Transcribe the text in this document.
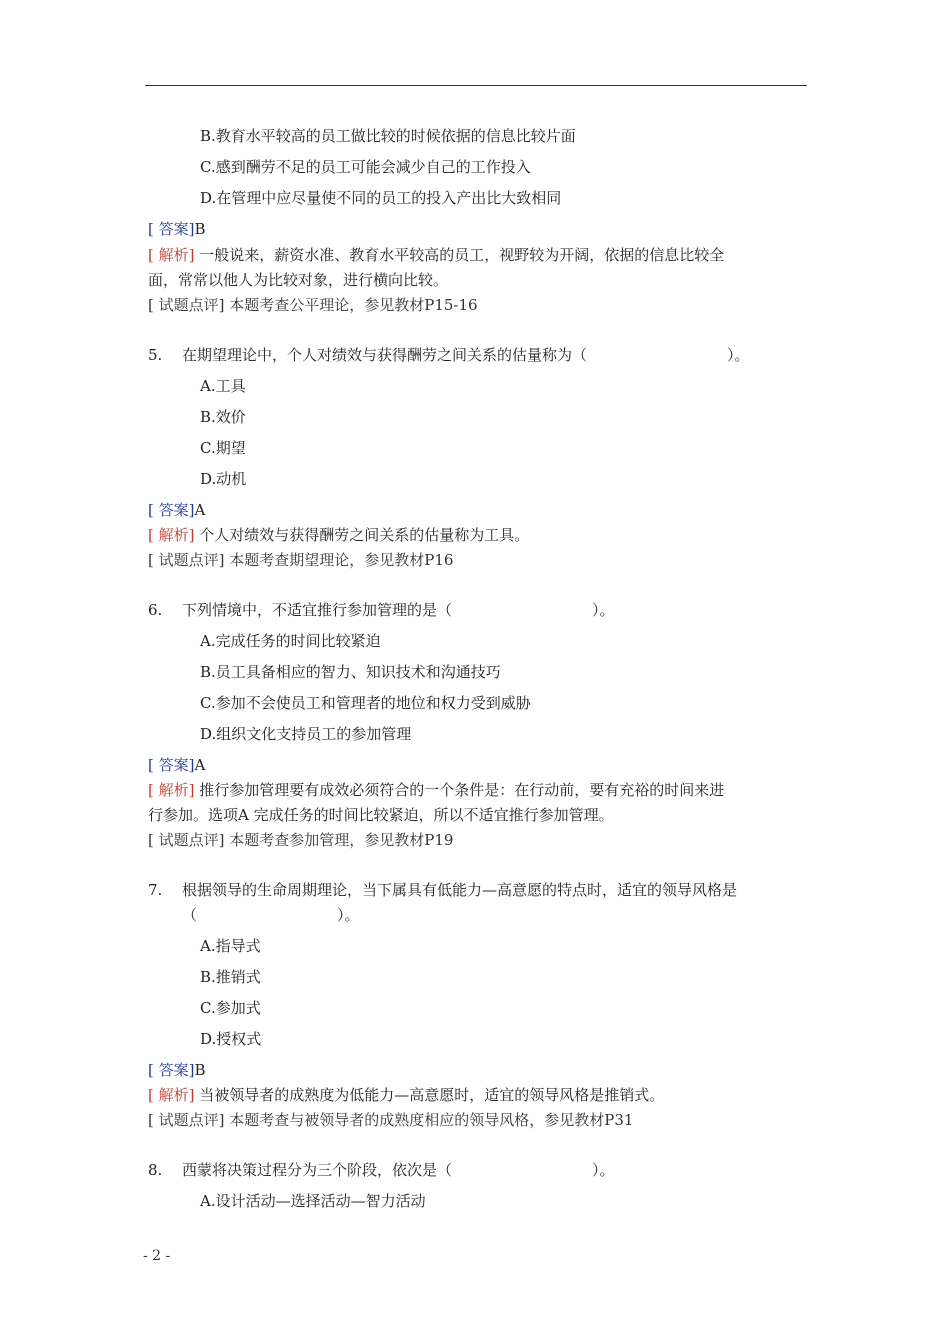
B.教育水平较高的员工做比较的时候依据的信息比较片面
C.感到酬劳不足的员工可能会减少自己的工作投入
D.在管理中应尽量使不同的员工的投入产出比大致相同
[ 答案]B
[ 解析] 一般说来，薪资水准、教育水平较高的员工，视野较为开阔，依据的信息比较全
面，常常以他人为比较对象，进行横向比较。
[ 试题点评] 本题考查公平理论，参见教材P15-16
5. 在期望理论中，个人对绩效与获得酬劳之间关系的估量称为（	）。
A.工具
B.效价
C.期望
D.动机
[ 答案]A
[ 解析] 个人对绩效与获得酬劳之间关系的估量称为工具。
[ 试题点评] 本题考查期望理论，参见教材P16
6. 下列情境中，不适宜推行参加管理的是（	）。
A.完成任务的时间比较紧迫
B.员工具备相应的智力、知识技术和沟通技巧
C.参加不会使员工和管理者的地位和权力受到威胁
D.组织文化支持员工的参加管理
[ 答案]A
[ 解析] 推行参加管理要有成效必须符合的一个条件是：在行动前，要有充裕的时间来进
行参加。选项A 完成任务的时间比较紧迫，所以不适宜推行参加管理。
[ 试题点评] 本题考查参加管理，参见教材P19
7. 根据领导的生命周期理论，当下属具有低能力—高意愿的特点时，适宜的领导风格是
（	）。
A.指导式
B.推销式
C.参加式
D.授权式
[ 答案]B
[ 解析] 当被领导者的成熟度为低能力—高意愿时，适宜的领导风格是推销式。
[ 试题点评] 本题考查与被领导者的成熟度相应的领导风格，参见教材P31
8. 西蒙将决策过程分为三个阶段，依次是（	）。
A.设计活动—选择活动—智力活动
- 2 -
